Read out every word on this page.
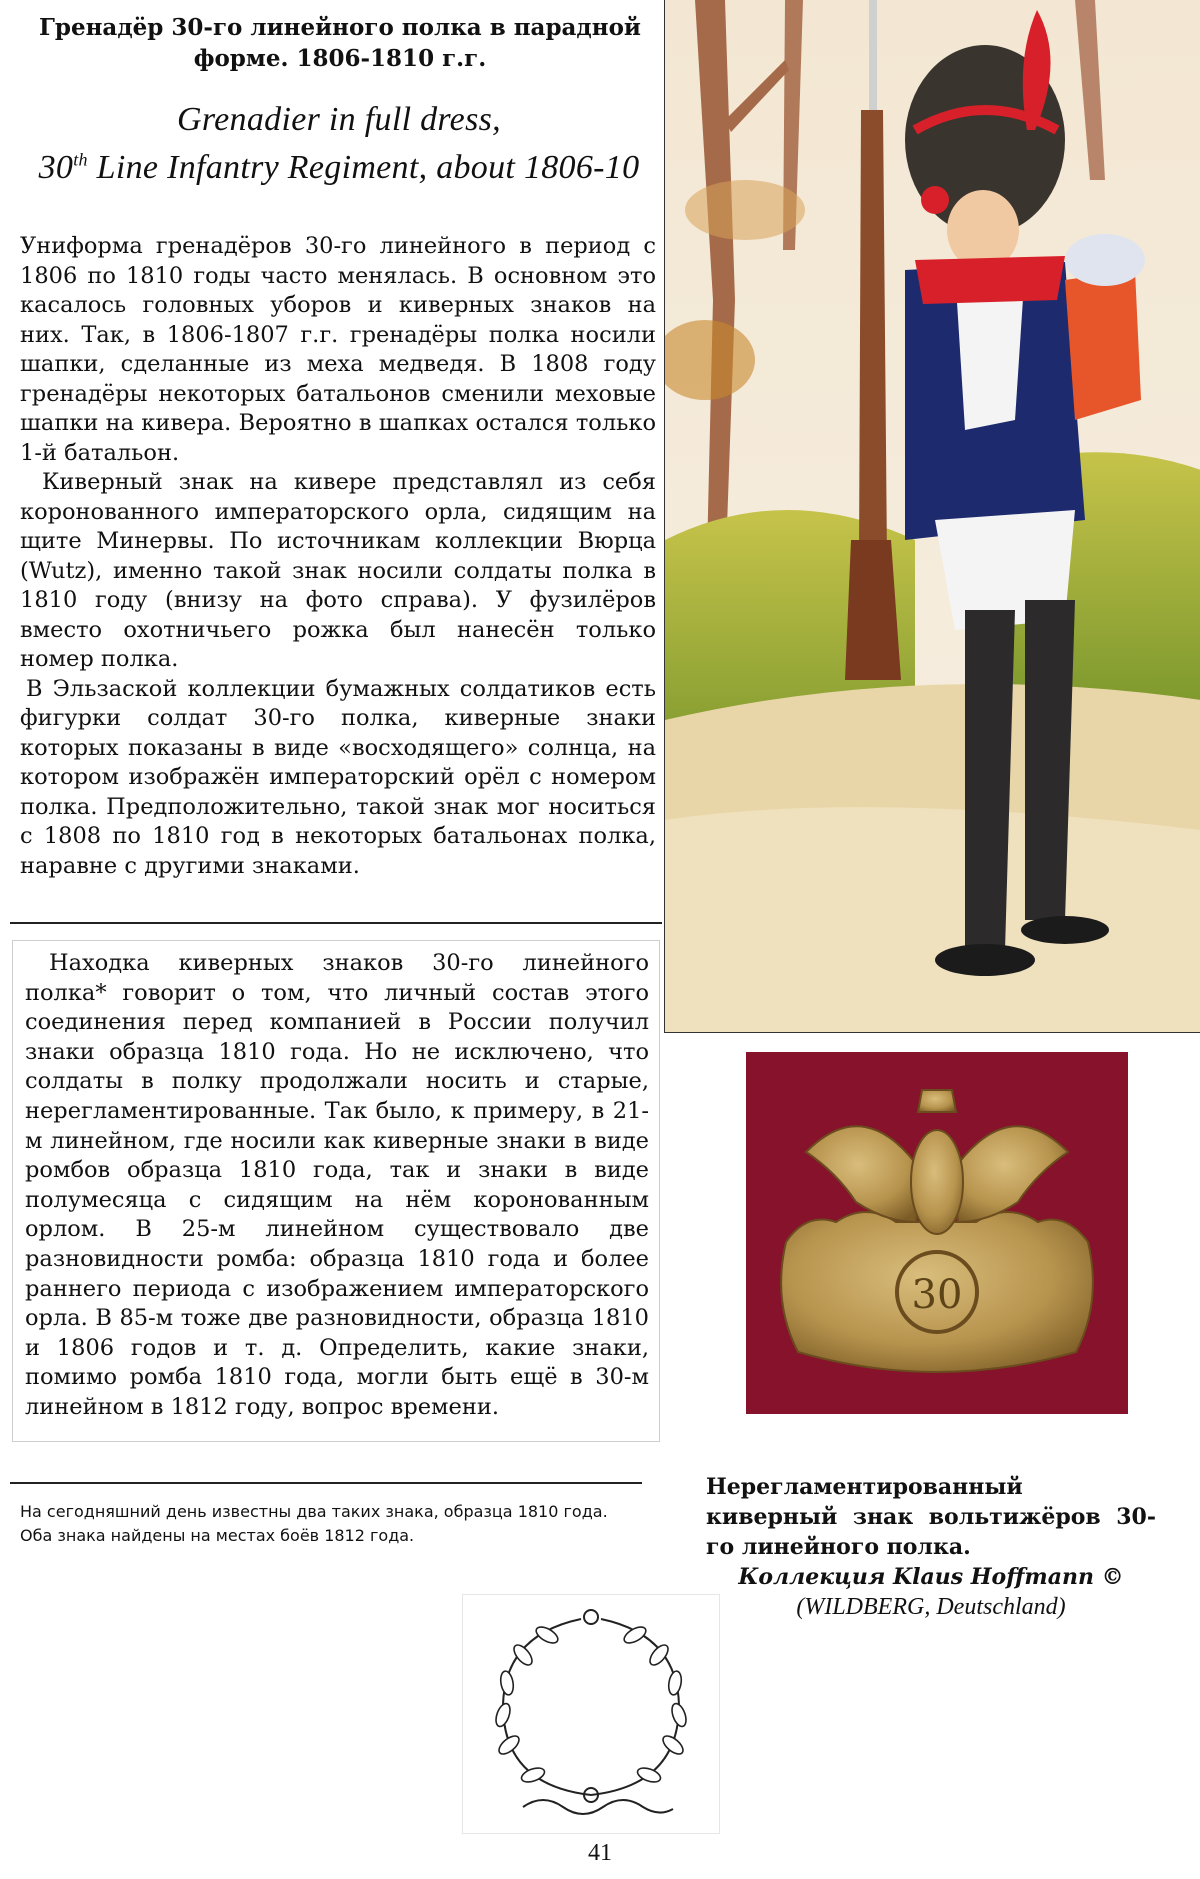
Гренадёр 30-го линейного полка в парадной
форме. 1806-1810 г.г.
Grenadier in full dress,
30th Line Infantry Regiment, about 1806-10

Униформа гренадёров 30-го линейного в период с 1806 по 1810 годы часто менялась. В основном это касалось головных уборов и киверных знаков на них. Так, в 1806-1807 г.г. гренадёры полка носили шапки, сделанные из меха медведя. В 1808 году гренадёры некоторых батальонов сменили меховые шапки на кивера. Вероятно в шапках остался только 1-й батальон.

Киверный знак на кивере представлял из себя коронованного императорского орла, сидящим на щите Минервы. По источникам коллекции Вюрца (Wutz), именно такой знак носили солдаты полка в 1810 году (внизу на фото справа). У фузилёров вместо охотничьего рожка был нанесён только номер полка.

В Эльзаской коллекции бумажных солдатиков есть фигурки солдат 30-го полка, киверные знаки которых показаны в виде «восходящего» солнца, на котором изображён императорский орёл с номером полка. Предположительно, такой знак мог носиться с 1808 по 1810 год в некоторых батальонах полка, наравне с другими знаками.

Находка киверных знаков 30-го линейного полка* говорит о том, что личный состав этого соединения перед компанией в России получил знаки образца 1810 года. Но не исключено, что солдаты в полку продолжали носить и старые, нерегламентированные. Так было, к примеру, в 21-м линейном, где носили как киверные знаки в виде ромбов образца 1810 года, так и знаки в виде полумесяца с сидящим на нём коронованным орлом. В 25-м линейном существовало две разновидности ромба: образца 1810 года и более раннего периода с изображением императорского орла. В 85-м тоже две разновидности, образца 1810 и 1806 годов и т. д. Определить, какие знаки, помимо ромба 1810 года, могли быть ещё в 30-м линейном в 1812 году, вопрос времени.

На сегодняшний день известны два таких знака, образца 1810 года. Оба знака найдены на местах боёв 1812 года.
30
Нерегламентированный киверный знак вольтижёров 30-го линейного полка.
Коллекция Klaus Hoffmann ©
(WILDBERG, Deutschland)
41
